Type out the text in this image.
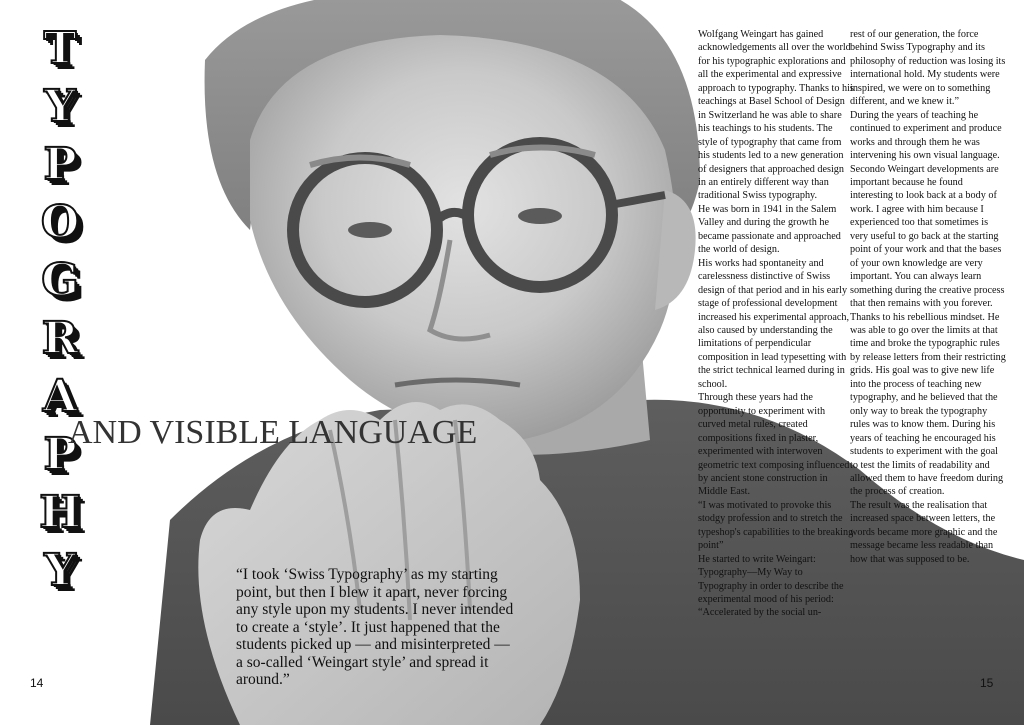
T
Y
P
O
G
R
A
P
H
Y
AND VISIBLE LANGUAGE
“I took ‘Swiss Typography’ as my starting point, but then I blew it apart, never forcing any style upon my students. I never intended to create a ‘style’. It just happened that the students picked up — and misinterpreted — a so-called ‘Weingart style’ and spread it around.”

Wolfgang Weingart has gained acknowledgements all over the world for his typographic explorations and all the experimental and expressive approach to typography. Thanks to his teachings at Basel School of Design in Switzerland he was able to share his teachings to his students. The style of typography that came from his students led to a new generation of designers that approached design in an entirely different way than traditional Swiss typography.

He was born in 1941 in the Salem Valley and during the growth he became passionate and approached the world of design.

His works had spontaneity and carelessness distinctive of Swiss design of that period and in his early stage of professional development increased his experimental approach, also caused by understanding the limitations of perpendicular composition in lead typesetting with the strict technical learned during in school.

Through these years had the opportunity to experiment with curved metal rules, created compositions fixed in plaster, experimented with interwoven geometric text composing influenced by ancient stone construction in Middle East.

“I was motivated to provoke this stodgy profession and to stretch the typeshop's capabilities to the breaking point”

He started to write Weingart: Typography—My Way to Typography in order to describe the experimental mood of his period: “Accelerated by the social un-

rest of our generation, the force behind Swiss Typography and its philosophy of reduction was losing its international hold. My students were inspired, we were on to something different, and we knew it.”

During the years of teaching he continued to experiment and produce works and through them he was intervening his own visual language.

Secondo Weingart developments are important because he found interesting to look back at a body of work. I agree with him because I experienced too that sometimes is very useful to go back at the starting point of your work and that the bases of your own knowledge are very important. You can always learn something during the creative process that then remains with you forever.

Thanks to his rebellious mindset. He was able to go over the limits at that time and broke the typographic rules by release letters from their restricting grids. His goal was to give new life into the process of teaching new typography, and he believed that the only way to break the typography rules was to know them. During his years of teaching he encouraged his students to experiment with the goal to test the limits of readability and allowed them to have freedom during the process of creation.

The result was the realisation that increased space between letters, the words became more graphic and the message became less readable than how that was supposed to be.

14	15
